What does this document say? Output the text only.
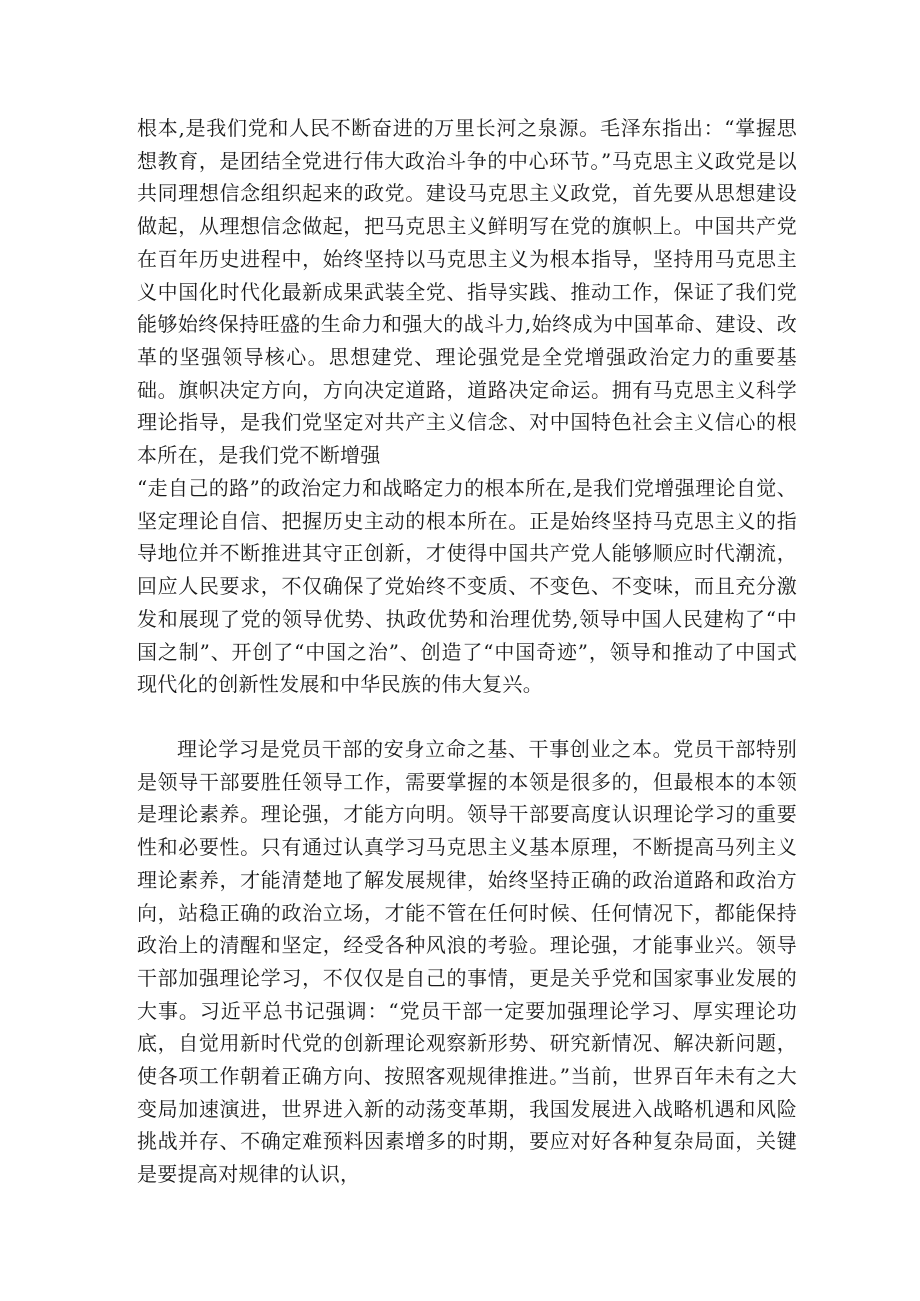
根本,是我们党和人民不断奋进的万里长河之泉源。毛泽东指出：“掌握思想教育，是团结全党进行伟大政治斗争的中心环节。”马克思主义政党是以共同理想信念组织起来的政党。建设马克思主义政党，首先要从思想建设做起，从理想信念做起，把马克思主义鲜明写在党的旗帜上。中国共产党在百年历史进程中，始终坚持以马克思主义为根本指导，坚持用马克思主义中国化时代化最新成果武装全党、指导实践、推动工作，保证了我们党能够始终保持旺盛的生命力和强大的战斗力,始终成为中国革命、建设、改革的坚强领导核心。思想建党、理论强党是全党增强政治定力的重要基础。旗帜决定方向，方向决定道路，道路决定命运。拥有马克思主义科学理论指导，是我们党坚定对共产主义信念、对中国特色社会主义信心的根本所在，是我们党不断增强

“走自己的路”的政治定力和战略定力的根本所在,是我们党增强理论自觉、坚定理论自信、把握历史主动的根本所在。正是始终坚持马克思主义的指导地位并不断推进其守正创新，才使得中国共产党人能够顺应时代潮流，回应人民要求，不仅确保了党始终不变质、不变色、不变味，而且充分激发和展现了党的领导优势、执政优势和治理优势,领导中国人民建构了“中国之制”、开创了“中国之治”、创造了“中国奇迹”，领导和推动了中国式现代化的创新性发展和中华民族的伟大复兴。

理论学习是党员干部的安身立命之基、干事创业之本。党员干部特别是领导干部要胜任领导工作，需要掌握的本领是很多的，但最根本的本领是理论素养。理论强，才能方向明。领导干部要高度认识理论学习的重要性和必要性。只有通过认真学习马克思主义基本原理，不断提高马列主义理论素养，才能清楚地了解发展规律，始终坚持正确的政治道路和政治方向，站稳正确的政治立场，才能不管在任何时候、任何情况下，都能保持政治上的清醒和坚定，经受各种风浪的考验。理论强，才能事业兴。领导干部加强理论学习，不仅仅是自己的事情，更是关乎党和国家事业发展的大事。习近平总书记强调：“党员干部一定要加强理论学习、厚实理论功底，自觉用新时代党的创新理论观察新形势、研究新情况、解决新问题，使各项工作朝着正确方向、按照客观规律推进。”当前，世界百年未有之大变局加速演进，世界进入新的动荡变革期，我国发展进入战略机遇和风险挑战并存、不确定难预料因素增多的时期，要应对好各种复杂局面，关键是要提高对规律的认识，
